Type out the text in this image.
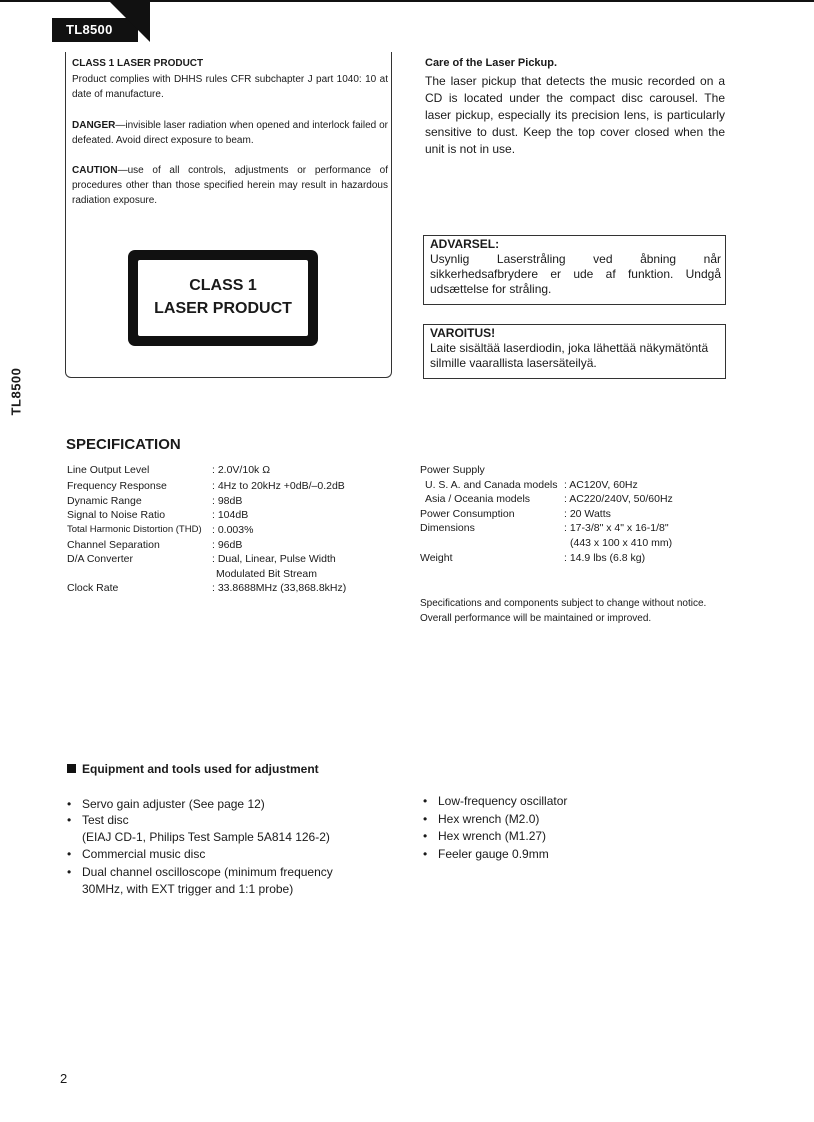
TL8500
TL8500
CLASS 1 LASER PRODUCT
Product complies with DHHS rules CFR subchapter J part 1040: 10 at date of manufacture.
DANGER—invisible laser radiation when opened and interlock failed or defeated. Avoid direct exposure to beam.
CAUTION—use of all controls, adjustments or performance of procedures other than those specified herein may result in hazardous radiation exposure.
CLASS 1
LASER PRODUCT
Care of the Laser Pickup.
The laser pickup that detects the music recorded on a CD is located under the compact disc carousel. The laser pickup, especially its precision lens, is particularly sensitive to dust. Keep the top cover closed when the unit is not in use.
ADVARSEL:
Usynlig Laserstråling ved åbning når sikkerhedsafbrydere er ude af funktion. Undgå udsættelse for stråling.
VAROITUS!
Laite sisältää laserdiodin, joka lähettää näkymätöntä silmille vaarallista lasersäteilyä.
SPECIFICATION
Line Output Level	: 2.0V/10k Ω
Frequency Response	: 4Hz to 20kHz +0dB/–0.2dB
Dynamic Range	: 98dB
Signal to Noise Ratio	: 104dB
Total Harmonic Distortion (THD) : 0.003%
Channel Separation	: 96dB
D/A Converter	: Dual, Linear, Pulse Width
Modulated Bit Stream
Clock Rate	: 33.8688MHz (33,868.8kHz)
Power Supply
U. S. A. and Canada models : AC120V, 60Hz
Asia / Oceania models	: AC220/240V, 50/60Hz
Power Consumption	: 20 Watts
Dimensions	: 17-3/8" x 4" x 16-1/8"
(443 x 100 x 410 mm)
Weight	: 14.9 lbs (6.8 kg)
Specifications and components subject to change without notice.
Overall performance will be maintained or improved.
Equipment and tools used for adjustment
• Servo gain adjuster (See page 12)
• Test disc
(EIAJ CD-1, Philips Test Sample 5A814 126-2)
• Commercial music disc
• Dual channel oscilloscope (minimum frequency
30MHz, with EXT trigger and 1:1 probe)
• Low-frequency oscillator
• Hex wrench (M2.0)
• Hex wrench (M1.27)
• Feeler gauge 0.9mm
2
